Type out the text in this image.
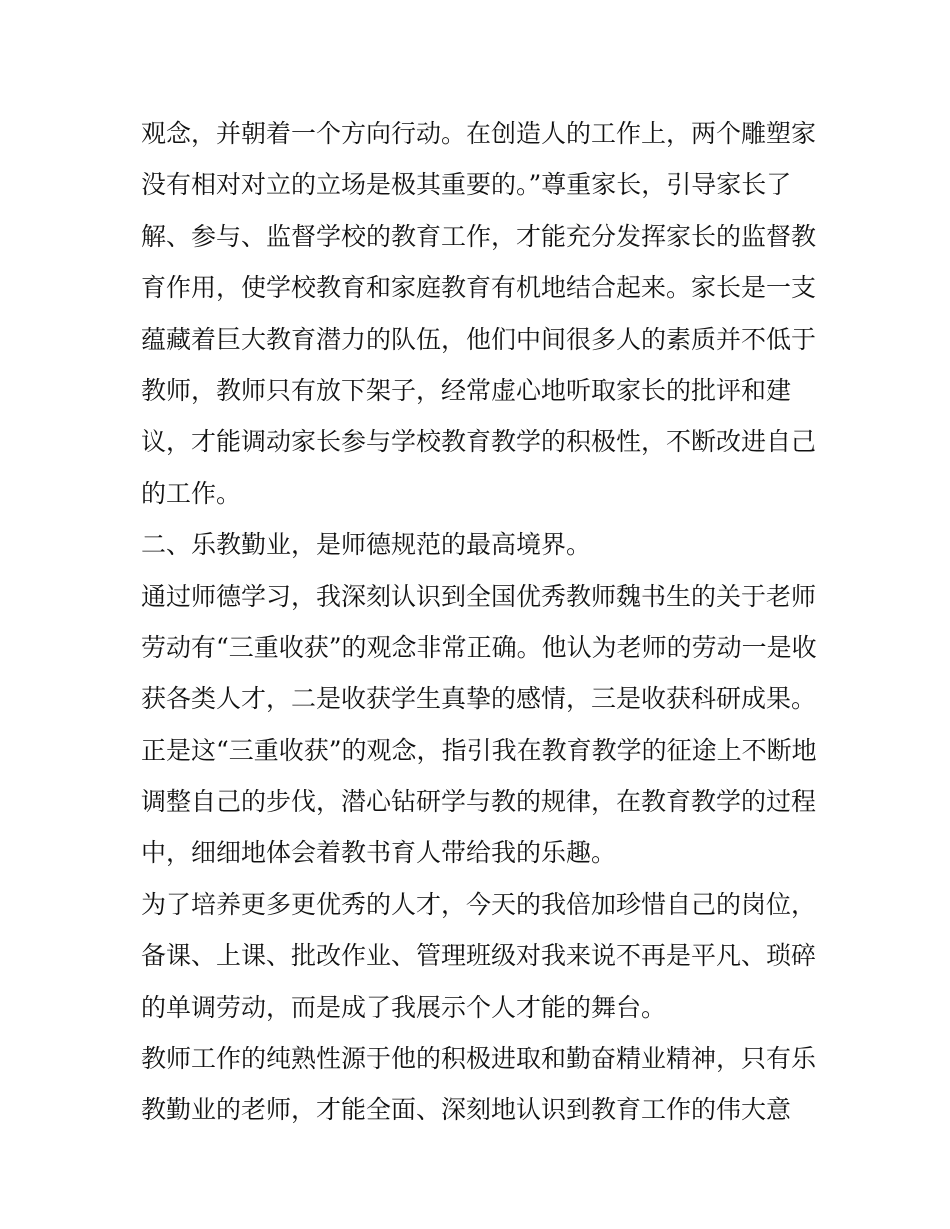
观念，并朝着一个方向行动。在创造人的工作上，两个雕塑家
没有相对对立的立场是极其重要的。”尊重家长，引导家长了
解、参与、监督学校的教育工作，才能充分发挥家长的监督教
育作用，使学校教育和家庭教育有机地结合起来。家长是一支
蕴藏着巨大教育潜力的队伍，他们中间很多人的素质并不低于
教师，教师只有放下架子，经常虚心地听取家长的批评和建
议，才能调动家长参与学校教育教学的积极性，不断改进自己
的工作。
二、乐教勤业，是师德规范的最高境界。
通过师德学习，我深刻认识到全国优秀教师魏书生的关于老师
劳动有“三重收获”的观念非常正确。他认为老师的劳动一是收
获各类人才，二是收获学生真挚的感情，三是收获科研成果。
正是这“三重收获”的观念，指引我在教育教学的征途上不断地
调整自己的步伐，潜心钻研学与教的规律，在教育教学的过程
中，细细地体会着教书育人带给我的乐趣。
为了培养更多更优秀的人才，今天的我倍加珍惜自己的岗位，
备课、上课、批改作业、管理班级对我来说不再是平凡、琐碎
的单调劳动，而是成了我展示个人才能的舞台。
教师工作的纯熟性源于他的积极进取和勤奋精业精神，只有乐
教勤业的老师，才能全面、深刻地认识到教育工作的伟大意
